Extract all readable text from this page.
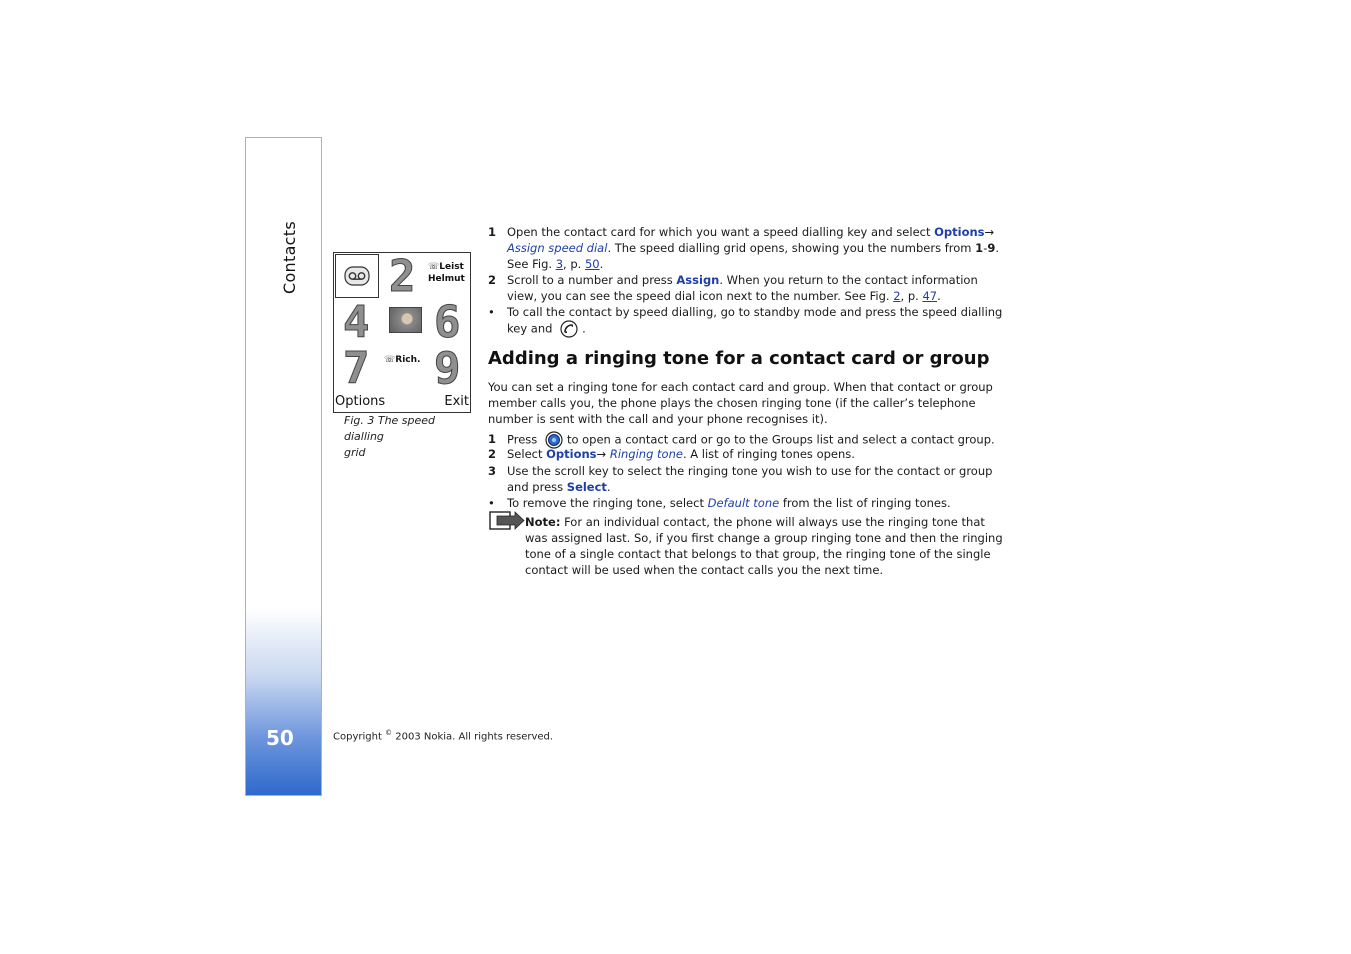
Contacts
50
2 ☏Leist
Helmut
4 6
7 ☏Rich. 9
Options	Exit
Fig. 3 The speed dialling
grid
1 Open the contact card for which you want a speed dialling key and select Options→
Assign speed dial. The speed dialling grid opens, showing you the numbers from 1-9.
See Fig. 3, p. 50.
2 Scroll to a number and press Assign. When you return to the contact information
view, you can see the speed dial icon next to the number. See Fig. 2, p. 47.
• To call the contact by speed dialling, go to standby mode and press the speed dialling
key and	.
Adding a ringing tone for a contact card or group
You can set a ringing tone for each contact card and group. When that contact or group
member calls you, the phone plays the chosen ringing tone (if the caller’s telephone
number is sent with the call and your phone recognises it).
1 Press	to open a contact card or go to the Groups list and select a contact group.
2 Select Options→ Ringing tone. A list of ringing tones opens.
3 Use the scroll key to select the ringing tone you wish to use for the contact or group
and press Select.
• To remove the ringing tone, select Default tone from the list of ringing tones.
Note: For an individual contact, the phone will always use the ringing tone that
was assigned last. So, if you first change a group ringing tone and then the ringing
tone of a single contact that belongs to that group, the ringing tone of the single
contact will be used when the contact calls you the next time.
Copyright © 2003 Nokia. All rights reserved.
